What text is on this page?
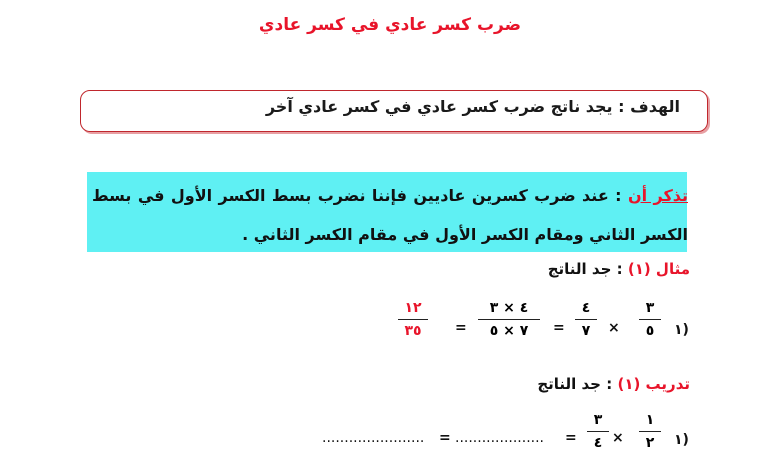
ضرب كسر عادي في كسر عادي
الهدف : يجد ناتج ضرب كسر عادي في كسر عادي آخر
تذكر أن : عند ضرب كسرين عاديين فإننا نضرب بسط الكسر الأول في بسط الكسر الثاني ومقام الكسر الأول في مقام الكسر الثاني .
مثال (١) : جد الناتج
١)
٣
٥
×
٤
٧
=
٤ × ٣
٧ × ٥
=
١٢
٣٥
تدريب (١) : جد الناتج
١)
١
٢
×
٣
٤
=
....................
=
.......................
